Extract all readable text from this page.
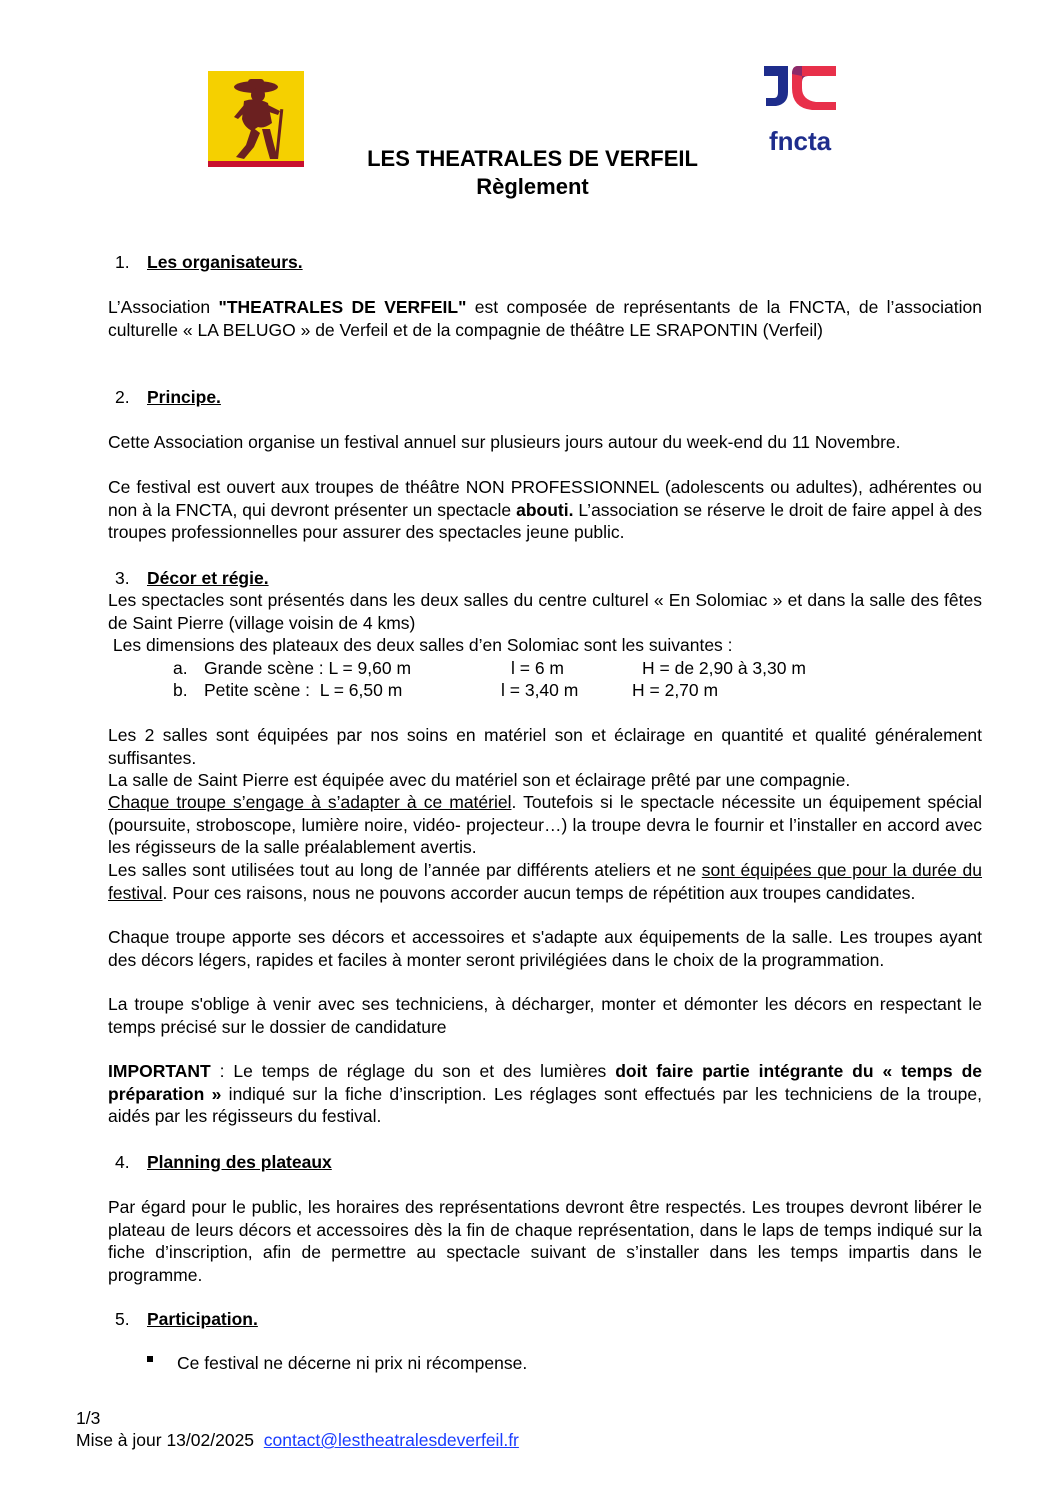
fncta
LES THEATRALES DE VERFEIL
Règlement
1. Les organisateurs.
L’Association "THEATRALES DE VERFEIL" est composée de représentants de la FNCTA, de l’association culturelle « LA BELUGO » de Verfeil et de la compagnie de théâtre LE SRAPONTIN (Verfeil)
2. Principe.
Cette Association organise un festival annuel sur plusieurs jours autour du week-end du 11 Novembre.
Ce festival est ouvert aux troupes de théâtre NON PROFESSIONNEL (adolescents ou adultes), adhérentes ou non à la FNCTA, qui devront présenter un spectacle abouti. L’association se réserve le droit de faire appel à des troupes professionnelles pour assurer des spectacles jeune public.
3. Décor et régie.
Les spectacles sont présentés dans les deux salles du centre culturel « En Solomiac » et dans la salle des fêtes de Saint Pierre (village voisin de 4 kms)
Les dimensions des plateaux des deux salles d’en Solomiac sont les suivantes :
a. Grande scène : L = 9,60 m	l = 6 m	H = de 2,90 à 3,30 m
b. Petite scène :  L = 6,50 m	l = 3,40 m	H = 2,70 m
Les 2 salles sont équipées par nos soins en matériel son et éclairage en quantité et qualité généralement suffisantes.
La salle de Saint Pierre est équipée avec du matériel son et éclairage prêté par une compagnie.
Chaque troupe s’engage à s’adapter à ce matériel. Toutefois si le spectacle nécessite un équipement spécial (poursuite, stroboscope, lumière noire, vidéo- projecteur…) la troupe devra le fournir et l’installer en accord avec les régisseurs de la salle préalablement avertis.
Les salles sont utilisées tout au long de l’année par différents ateliers et ne sont équipées que pour la durée du festival. Pour ces raisons, nous ne pouvons accorder aucun temps de répétition aux troupes candidates.
Chaque troupe apporte ses décors et accessoires et s'adapte aux équipements de la salle. Les troupes ayant des décors légers, rapides et faciles à monter seront privilégiées dans le choix de la programmation.
La troupe s'oblige à venir avec ses techniciens, à décharger, monter et démonter les décors en respectant le temps précisé sur le dossier de candidature
IMPORTANT : Le temps de réglage du son et des lumières doit faire partie intégrante du « temps de préparation » indiqué sur la fiche d’inscription. Les réglages sont effectués par les techniciens de la troupe, aidés par les régisseurs du festival.
4. Planning des plateaux
Par égard pour le public, les horaires des représentations devront être respectés. Les troupes devront libérer le plateau de leurs décors et accessoires dès la fin de chaque représentation, dans le laps de temps indiqué sur la fiche d’inscription, afin de permettre au spectacle suivant de s’installer dans les temps impartis dans le programme.
5. Participation.
Ce festival ne décerne ni prix ni récompense.
1/3
Mise à jour 13/02/2025 contact@lestheatralesdeverfeil.fr
